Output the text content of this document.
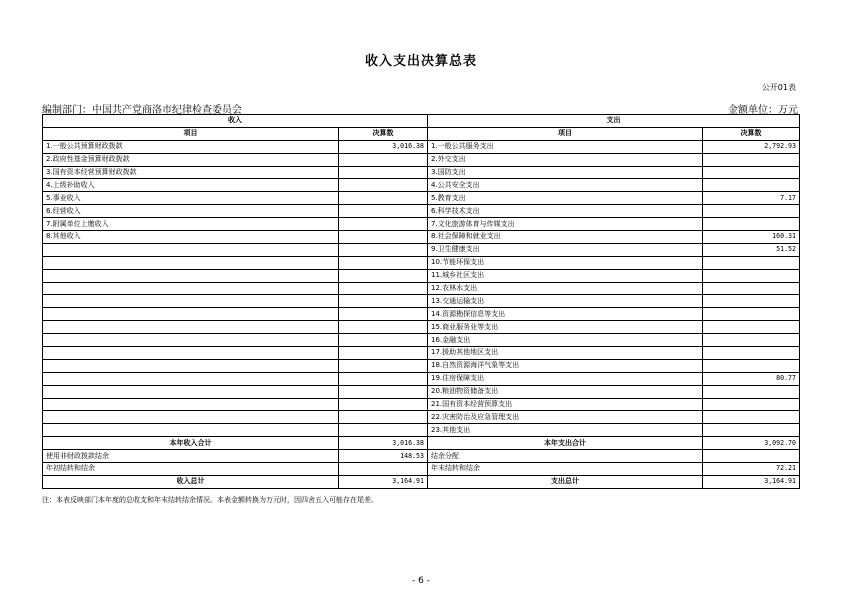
收入支出决算总表
公开01表
编制部门：中国共产党商洛市纪律检查委员会	金额单位：万元
收入		支出	
项目	决算数	项目	决算数
1.一般公共预算财政拨款	3,016.38	1.一般公共服务支出	2,792.93
2.政府性基金预算财政拨款		2.外交支出	
3.国有资本经营预算财政拨款		3.国防支出	
4.上级补助收入		4.公共安全支出	
5.事业收入		5.教育支出	7.17
6.经营收入		6.科学技术支出	
7.附属单位上缴收入		7.文化旅游体育与传媒支出	
8.其他收入		8.社会保障和就业支出	160.31
		9.卫生健康支出	51.52
		10.节能环保支出	
		11.城乡社区支出	
		12.农林水支出	
		13.交通运输支出	
		14.资源勘探信息等支出	
		15.商业服务业等支出	
		16.金融支出	
		17.援助其他地区支出	
		18.自然资源海洋气象等支出	
		19.住房保障支出	80.77
		20.粮油物资储备支出	
		21.国有资本经营预算支出	
		22.灾害防治及应急管理支出	
		23.其他支出	
本年收入合计	3,016.38	本年支出合计	3,092.70
使用非财政拨款结余	148.53	结余分配	
年初结转和结余		年末结转和结余	72.21
收入总计	3,164.91	支出总计	3,164.91
注：本表反映部门本年度的总收支和年末结转结余情况。本表金额转换为万元时，因四舍五入可能存在尾差。
- 6 -
